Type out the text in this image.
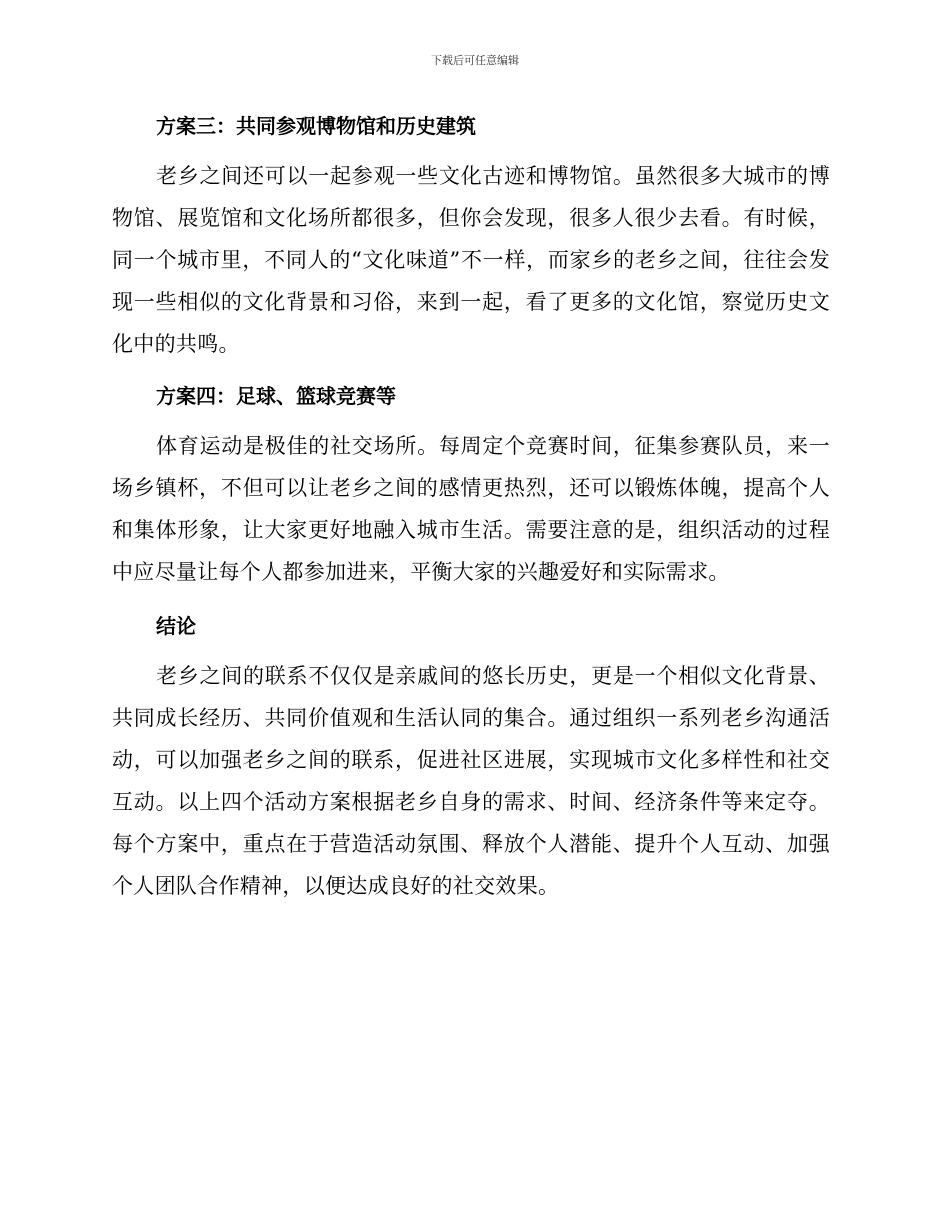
下载后可任意编辑
方案三：共同参观博物馆和历史建筑

老乡之间还可以一起参观一些文化古迹和博物馆。虽然很多大城市的博物馆、展览馆和文化场所都很多，但你会发现，很多人很少去看。有时候，同一个城市里，不同人的“文化味道”不一样，而家乡的老乡之间，往往会发现一些相似的文化背景和习俗，来到一起，看了更多的文化馆，察觉历史文化中的共鸣。

方案四：足球、篮球竞赛等

体育运动是极佳的社交场所。每周定个竞赛时间，征集参赛队员，来一场乡镇杯，不但可以让老乡之间的感情更热烈，还可以锻炼体魄，提高个人和集体形象，让大家更好地融入城市生活。需要注意的是，组织活动的过程中应尽量让每个人都参加进来，平衡大家的兴趣爱好和实际需求。

结论

老乡之间的联系不仅仅是亲戚间的悠长历史，更是一个相似文化背景、共同成长经历、共同价值观和生活认同的集合。通过组织一系列老乡沟通活动，可以加强老乡之间的联系，促进社区进展，实现城市文化多样性和社交互动。以上四个活动方案根据老乡自身的需求、时间、经济条件等来定夺。每个方案中，重点在于营造活动氛围、释放个人潜能、提升个人互动、加强个人团队合作精神，以便达成良好的社交效果。
